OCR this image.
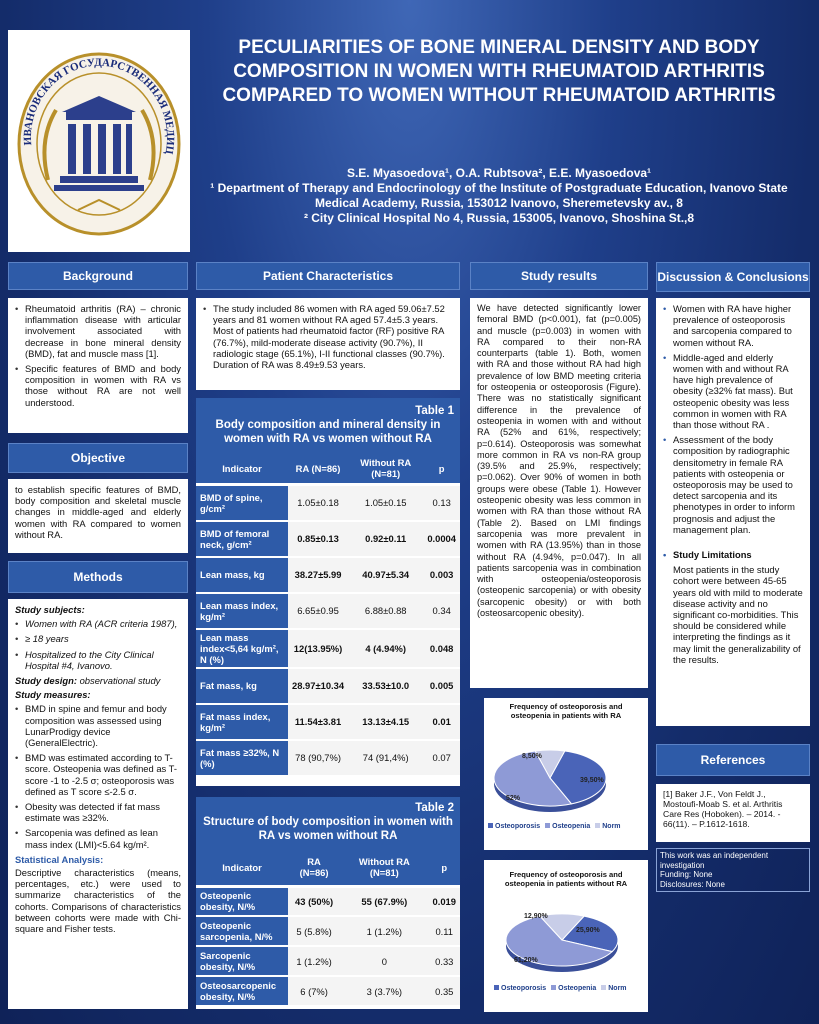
ИВАНОВСКАЯ ГОСУДАРСТВЕННАЯ МЕДИЦ
PECULIARITIES OF BONE MINERAL DENSITY AND BODY COMPOSITION IN WOMEN WITH RHEUMATOID ARTHRITIS COMPARED TO WOMEN WITHOUT RHEUMATOID ARTHRITIS
S.E. Myasoedova¹, O.A. Rubtsova², E.E. Myasoedova¹
¹ Department of Therapy and Endocrinology of the Institute of Postgraduate Education, Ivanovo State Medical Academy, Russia, 153012 Ivanovo, Sheremetevsky av., 8
² City Clinical Hospital No 4, Russia, 153005, Ivanovo, Shoshina St.,8
Background
• Rheumatoid arthritis (RA) – chronic inflammation disease with articular involvement associated with decrease in bone mineral density (BMD), fat and muscle mass [1].
• Specific features of BMD and body composition in women with RA vs those without RA are not well understood.
Objective
to establish specific features of BMD, body composition and skeletal muscle changes in middle-aged and elderly women with RA compared to women without RA.
Methods
Study subjects:
• Women with RA (ACR criteria 1987),
• ≥ 18 years
• Hospitalized to the City Clinical Hospital #4, Ivanovo.
Study design: observational study
Study measures:
• BMD in spine and femur and body composition was assessed using LunarProdigy device (GeneralElectric).
• BMD was estimated according to T-score. Osteopenia was defined as T-score -1 to -2.5 σ; osteoporosis was defined as T score ≤-2.5 σ.
• Obesity was detected if fat mass estimate was ≥32%.
• Sarcopenia was defined as lean mass index (LMI)<5.64 kg/m².
Statistical Analysis:
Descriptive characteristics (means, percentages, etc.) were used to summarize characteristics of the cohorts. Comparisons of characteristics between cohorts were made with Chi-square and Fisher tests.
Patient Characteristics
• The study included 86 women with RA aged 59.06±7.52 years and 81 women without RA aged 57.4±5.3 years. Most of patients had rheumatoid factor (RF) positive RA (76.7%), mild-moderate disease activity (90.7%), II radiologic stage (65.1%), I-II functional classes (90.7%). Duration of RA was 8.49±9.53 years.
Table 1
Body composition and mineral density in women with RA vs women without RA
Indicator	RA (N=86)	Without RA (N=81)	p
BMD of spine, g/cm²	1.05±0.18	1.05±0.15	0.13
BMD of femoral neck, g/cm²	0.85±0.13	0.92±0.11	0.0004
Lean mass, kg	38.27±5.99	40.97±5.34	0.003
Lean mass index, kg/m²	6.65±0.95	6.88±0.88	0.34
Lean mass index<5,64 kg/m², N (%)	12(13.95%)	4 (4.94%)	0.048
Fat mass, kg	28.97±10.34	33.53±10.0	0.005
Fat mass index, kg/m²	11.54±3.81	13.13±4.15	0.01
Fat mass ≥32%, N (%)	78 (90,7%)	74 (91,4%)	0.07
Table 2
Structure of body composition in women with RA vs women without RA
Indicator	RA (N=86)	Without RA (N=81)	p
Osteopenic obesity, N/%	43 (50%)	55 (67.9%)	0.019
Osteopenic sarcopenia, N/%	5 (5.8%)	1 (1.2%)	0.11
Sarcopenic obesity, N/%	1 (1.2%)	0	0.33
Osteosarcopenic obesity, N/%	6 (7%)	3 (3.7%)	0.35
Study results
We have detected significantly lower femoral BMD (p<0.001), fat (p=0.005) and muscle (p=0.003) in women with RA compared to their non-RA counterparts (table 1). Both, women with RA and those without RA had high prevalence of low BMD meeting criteria for osteopenia or osteoporosis (Figure). There was no statistically significant difference in the prevalence of osteopenia in women with and without RA (52% and 61%, respectively; p=0.614). Osteoporosis was somewhat more common in RA vs non-RA group (39.5% and 25.9%, respectively; p=0.062). Over 90% of women in both groups were obese (Table 1). However osteopenic obesity was less common in women with RA than those without RA (Table 2). Based on LMI findings sarcopenia was more prevalent in women with RA (13.95%) than in those without RA (4.94%, p=0.047). In all patients sarcopenia was in combination with osteopenia/osteoporosis (osteopenic sarcopenia) or with obesity (sarcopenic obesity) or with both (osteosarcopenic obesity).
Frequency of osteoporosis and osteopenia in patients with RA
39,50%
52%
8,50%
Osteoporosis Osteopenia Norm
Frequency of osteoporosis and osteopenia in patients without RA
25,90%
61,20%
12,90%
Osteoporosis Osteopenia Norm
Discussion & Conclusions
• Women with RA have higher prevalence of osteoporosis and sarcopenia compared to women without RA.
• Middle-aged and elderly women with and without RA have high prevalence of obesity (≥32% fat mass). But osteopenic obesity was less common in women with RA than those without RA .
• Assessment of the body composition by radiographic densitometry in female RA patients with osteopenia or osteoporosis may be used to detect sarcopenia and its phenotypes in order to inform prognosis and adjust the management plan.
• Study Limitations
Most patients in the study cohort were between 45-65 years old with mild to moderate disease activity and no significant co-morbidities. This should be considered while interpreting the findings as it may limit the generalizability of the results.
References
[1] Baker J.F., Von Feldt J., Mostoufi-Moab S. et al. Arthritis Care Res (Hoboken). – 2014. - 66(11). – P.1612-1618.
This work was an independent investigation
Funding: None
Disclosures: None
